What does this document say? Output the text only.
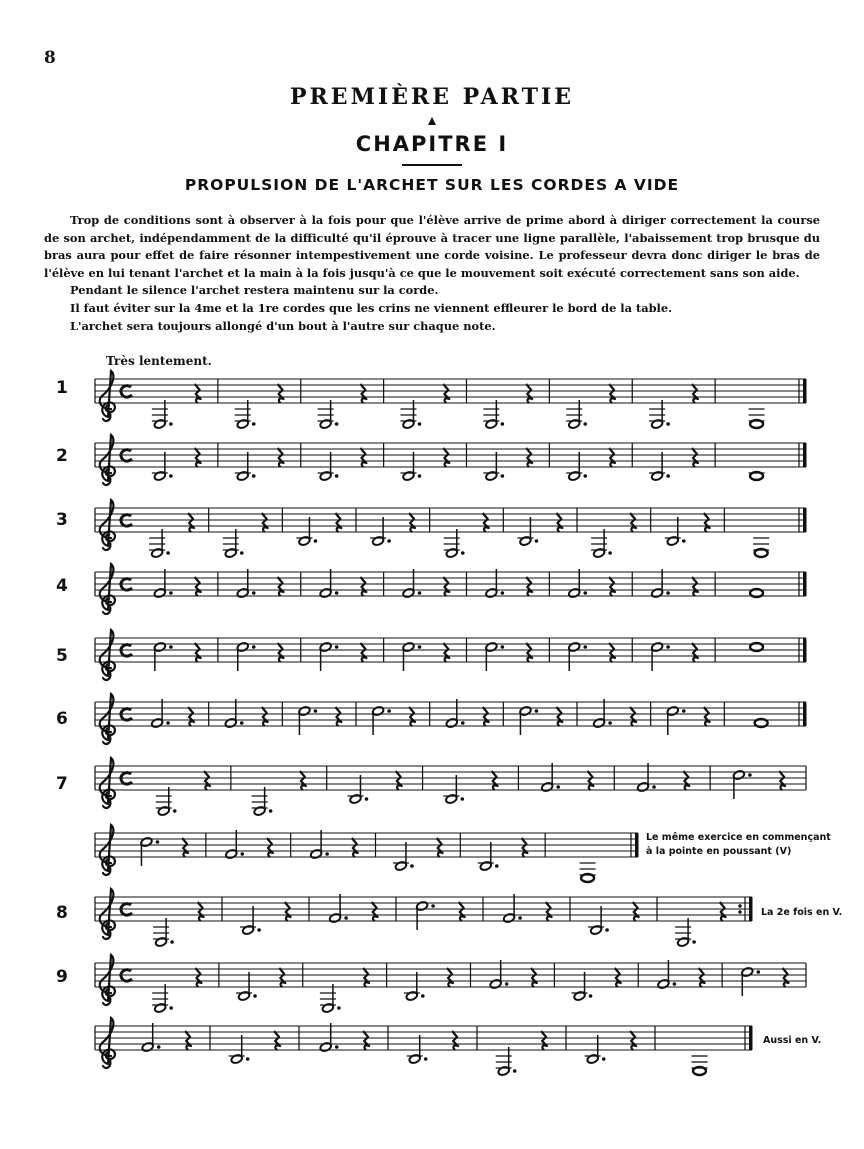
8
PREMIÈRE PARTIE
CHAPITRE I
PROPULSION DE L'ARCHET SUR LES CORDES A VIDE

Trop de conditions sont à observer à la fois pour que l'élève arrive de prime abord à diriger correctement la course de son archet, indépendamment de la difficulté qu'il éprouve à tracer une ligne parallèle, l'abaissement trop brusque du bras aura pour effet de faire résonner intempestivement une corde voisine. Le professeur devra donc diriger le bras de l'élève en lui tenant l'archet et la main à la fois jusqu'à ce que le mouvement soit exécuté correctement sans son aide.

Pendant le silence l'archet restera maintenu sur la corde.

Il faut éviter sur la 4me et la 1re cordes que les crins ne viennent effleurer le bord de la table.

L'archet sera toujours allongé d'un bout à l'autre sur chaque note.

Très lentement.
1
2
3
4
5
6
7
8
9
Le même exercice en commençant
à la pointe en poussant (V)
La 2e fois en V.
Aussi en V.
